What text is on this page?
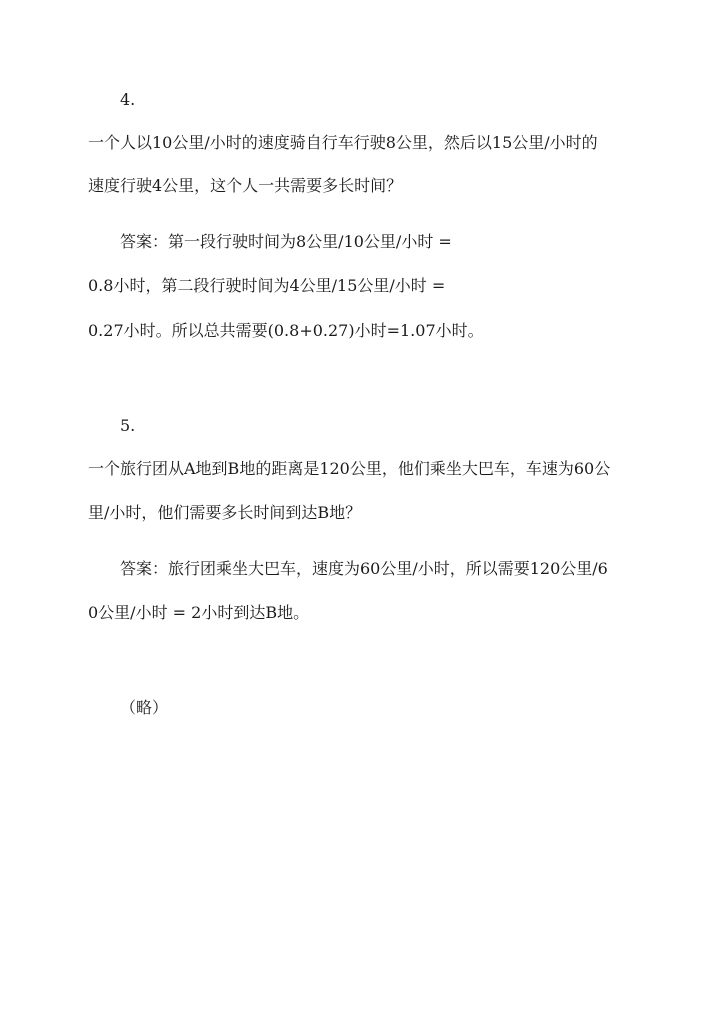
4.
一个人以10公里/小时的速度骑自行车行驶8公里，然后以15公里/小时的
速度行驶4公里，这个人一共需要多长时间？
答案：第一段行驶时间为8公里/10公里/小时 =
0.8小时，第二段行驶时间为4公里/15公里/小时 =
0.27小时。所以总共需要(0.8+0.27)小时=1.07小时。
5.
一个旅行团从A地到B地的距离是120公里，他们乘坐大巴车，车速为60公
里/小时，他们需要多长时间到达B地？
答案：旅行团乘坐大巴车，速度为60公里/小时，所以需要120公里/6
0公里/小时 = 2小时到达B地。
（略）
